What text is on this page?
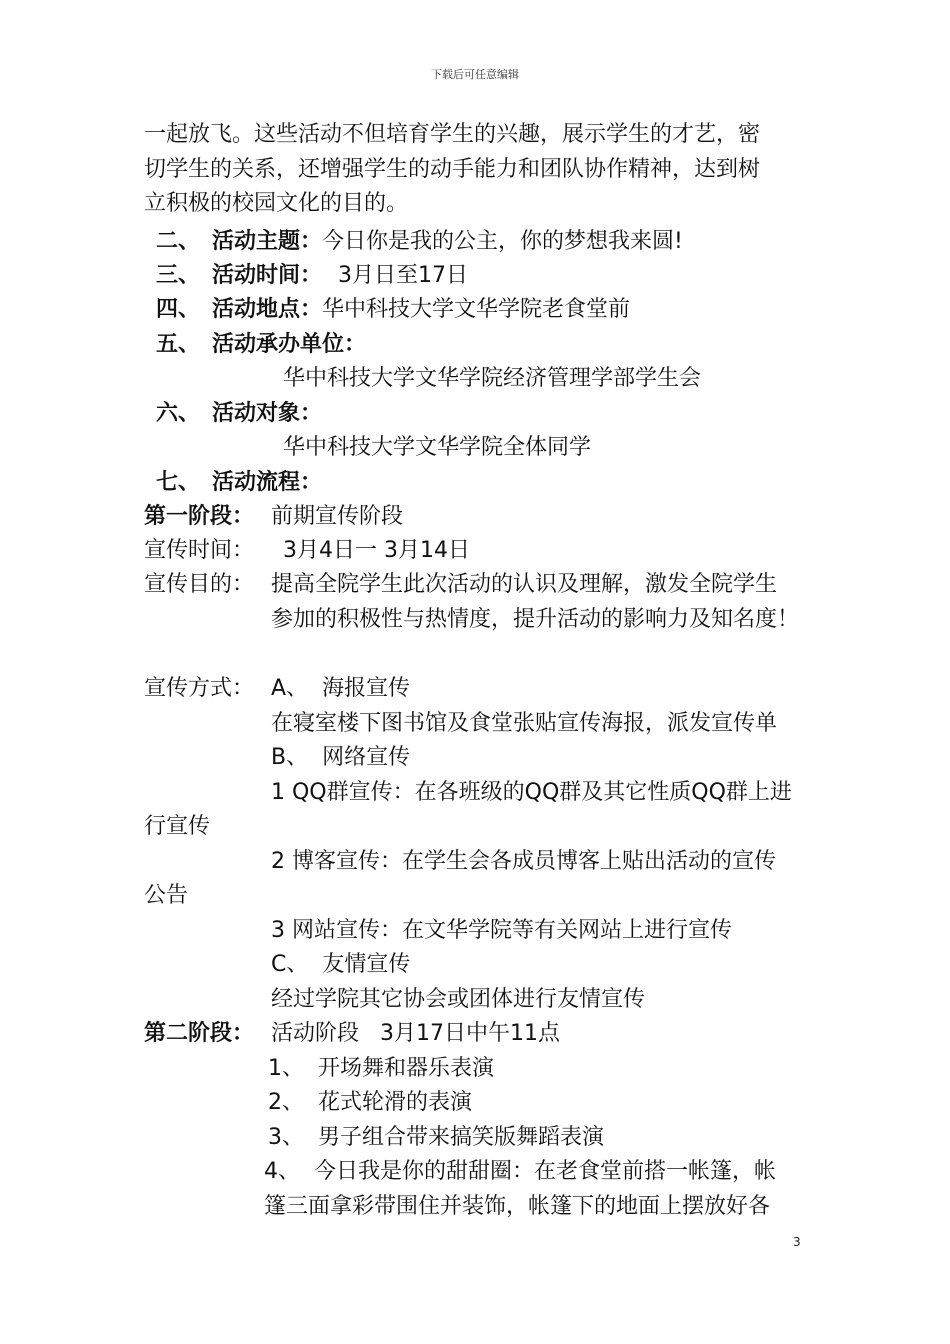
下载后可任意编辑
一起放飞。这些活动不但培育学生的兴趣，展示学生的才艺，密
切学生的关系，还增强学生的动手能力和团队协作精神，达到树
立积极的校园文化的目的。
二、 活动主题： 今日你是我的公主，你的梦想我来圆!
三、 活动时间： 3月日至17日
四、 活动地点： 华中科技大学文华学院老食堂前
五、 活动承办单位：
华中科技大学文华学院经济管理学部学生会
六、 活动对象：
华中科技大学文华学院全体同学
七、 活动流程：
第一阶段： 前期宣传阶段
宣传时间： 3月4日一 3月14日
宣传目的： 提高全院学生此次活动的认识及理解，激发全院学生
参加的积极性与热情度，提升活动的影响力及知名度！
宣传方式： A、  海报宣传
在寝室楼下图书馆及食堂张贴宣传海报，派发宣传单
B、  网络宣传
1 QQ群宣传：在各班级的QQ群及其它性质QQ群上进
行宣传
2 博客宣传：在学生会各成员博客上贴出活动的宣传
公告
3 网站宣传：在文华学院等有关网站上进行宣传
C、  友情宣传
经过学院其它协会或团体进行友情宣传
第二阶段： 活动阶段   3月17日中午11点
1、  开场舞和器乐表演
2、  花式轮滑的表演
3、  男子组合带来搞笑版舞蹈表演
4、  今日我是你的甜甜圈：在老食堂前搭一帐篷，帐
篷三面拿彩带围住并装饰，帐篷下的地面上摆放好各
3
